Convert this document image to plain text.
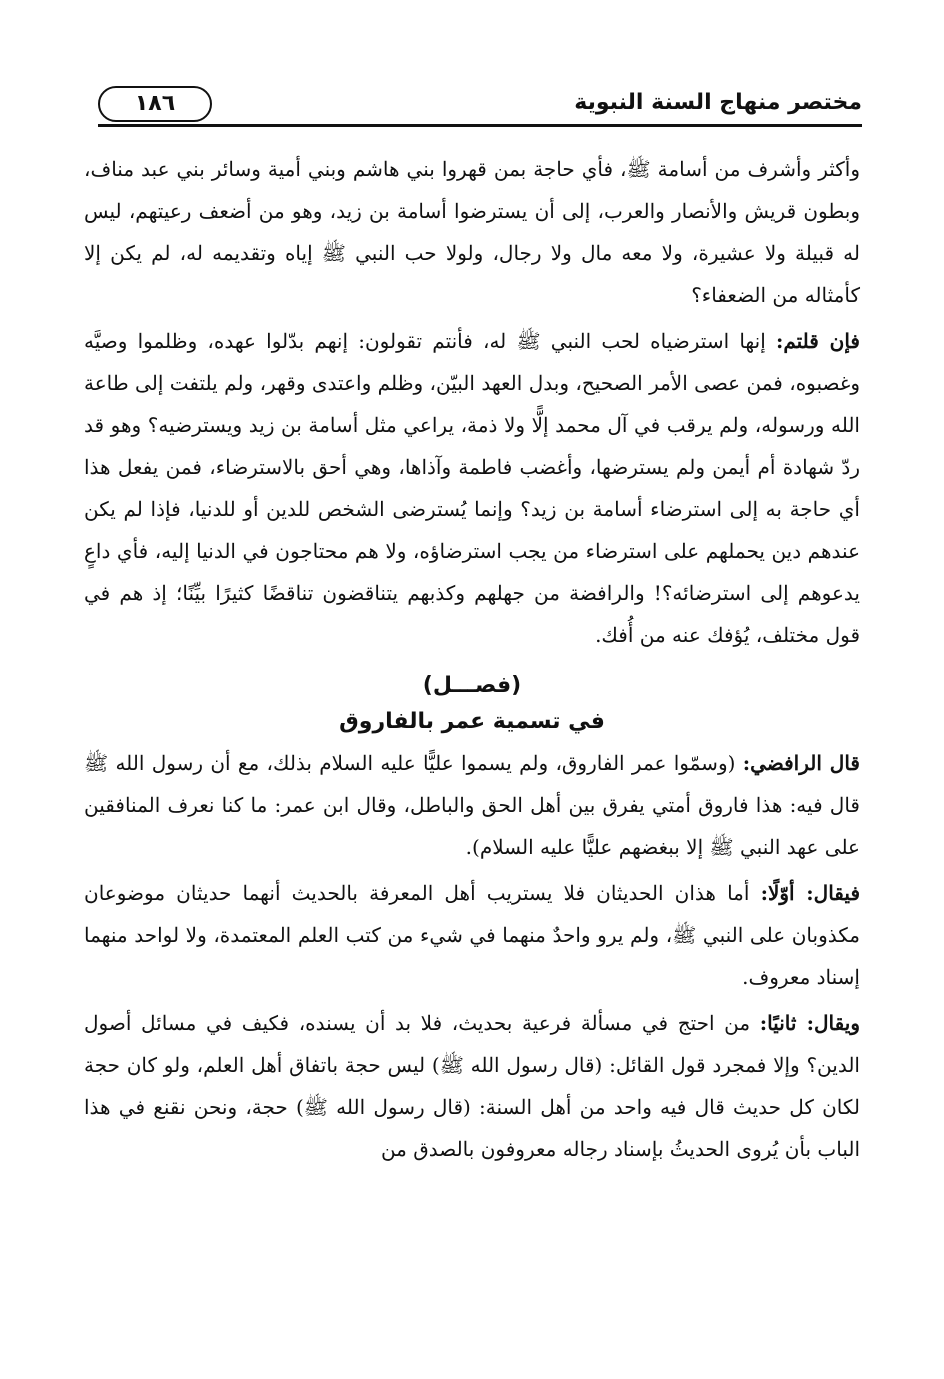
مختصر منهاج السنة النبوية
١٨٦

وأكثر وأشرف من أسامة ﷺ، فأي حاجة بمن قهروا بني هاشم وبني أمية وسائر بني عبد مناف، وبطون قريش والأنصار والعرب، إلى أن يسترضوا أسامة بن زيد، وهو من أضعف رعيتهم، ليس له قبيلة ولا عشيرة، ولا معه مال ولا رجال، ولولا حب النبي ﷺ إياه وتقديمه له، لم يكن إلا كأمثاله من الضعفاء؟

فإن قلتم: إنها استرضياه لحب النبي ﷺ له، فأنتم تقولون: إنهم بدّلوا عهده، وظلموا وصيَّه وغصبوه، فمن عصى الأمر الصحيح، وبدل العهد البيّن، وظلم واعتدى وقهر، ولم يلتفت إلى طاعة الله ورسوله، ولم يرقب في آل محمد إلًّا ولا ذمة، يراعي مثل أسامة بن زيد ويسترضيه؟ وهو قد ردّ شهادة أم أيمن ولم يسترضها، وأغضب فاطمة وآذاها، وهي أحق بالاسترضاء، فمن يفعل هذا أي حاجة به إلى استرضاء أسامة بن زيد؟ وإنما يُسترضى الشخص للدين أو للدنيا، فإذا لم يكن عندهم دين يحملهم على استرضاء من يجب استرضاؤه، ولا هم محتاجون في الدنيا إليه، فأي داعٍ يدعوهم إلى استرضائه؟! والرافضة من جهلهم وكذبهم يتناقضون تناقضًا كثيرًا بيِّنًا؛ إذ هم في قول مختلف، يُؤفك عنه من أُفك.

(فصـــل)
في تسمية عمر بالفاروق

قال الرافضي: (وسمّوا عمر الفاروق، ولم يسموا عليًّا عليه السلام بذلك، مع أن رسول الله ﷺ قال فيه: هذا فاروق أمتي يفرق بين أهل الحق والباطل، وقال ابن عمر: ما كنا نعرف المنافقين على عهد النبي ﷺ إلا ببغضهم عليًّا عليه السلام).

فيقال: أوّلًا: أما هذان الحديثان فلا يستريب أهل المعرفة بالحديث أنهما حديثان موضوعان مكذوبان على النبي ﷺ، ولم يرو واحدٌ منهما في شيء من كتب العلم المعتمدة، ولا لواحد منهما إسناد معروف.

ويقال: ثانيًا: من احتج في مسألة فرعية بحديث، فلا بد أن يسنده، فكيف في مسائل أصول الدين؟ وإلا فمجرد قول القائل: (قال رسول الله ﷺ) ليس حجة باتفاق أهل العلم، ولو كان حجة لكان كل حديث قال فيه واحد من أهل السنة: (قال رسول الله ﷺ) حجة، ونحن نقنع في هذا الباب بأن يُروى الحديثُ بإسناد رجاله معروفون بالصدق من
